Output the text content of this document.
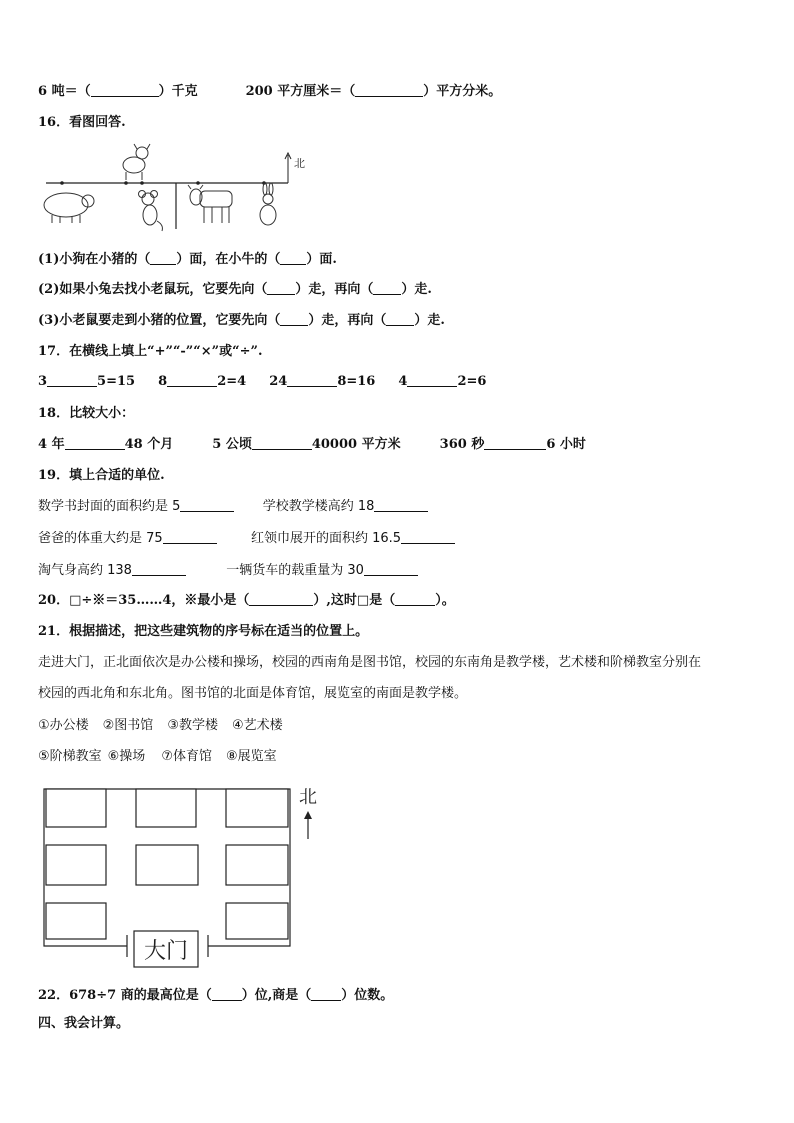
6 吨＝（	）千克	200 平方厘米＝（	）平方分米。
16．看图回答.
北
(1)小狗在小猪的（ ）面，在小牛的（ ）面.
(2)如果小兔去找小老鼠玩，它要先向（ ）走，再向（ ）走.
(3)小老鼠要走到小猪的位置，它要先向（ ）走，再向（ ）走.
17．在横线上填上“+”“-”“×”或“÷”.
3	5=15 8	2=4 24	8=16 4	2=6
18．比较大小：
4 年	48 个月	5 公顷	40000 平方米	360 秒	6 小时
19．填上合适的单位.
数学书封面的面积约是 5	学校教学楼高约 18
爸爸的体重大约是 75	红领巾展开的面积约 16.5
淘气身高约 138	一辆货车的载重量为 30
20．□÷※＝35……4，※最小是（	）,这时□是（	）。
21．根据描述，把这些建筑物的序号标在适当的位置上。
走进大门，正北面依次是办公楼和操场，校园的西南角是图书馆，校园的东南角是教学楼，艺术楼和阶梯教室分别在
校园的西北角和东北角。图书馆的北面是体育馆，展览室的南面是教学楼。
①办公楼 ②图书馆 ③教学楼 ④艺术楼
⑤阶梯教室 ⑥操场 ⑦体育馆 ⑧展览室
大门
北
22．678÷7 商的最高位是（ ）位,商是（ ）位数。
四、我会计算。
